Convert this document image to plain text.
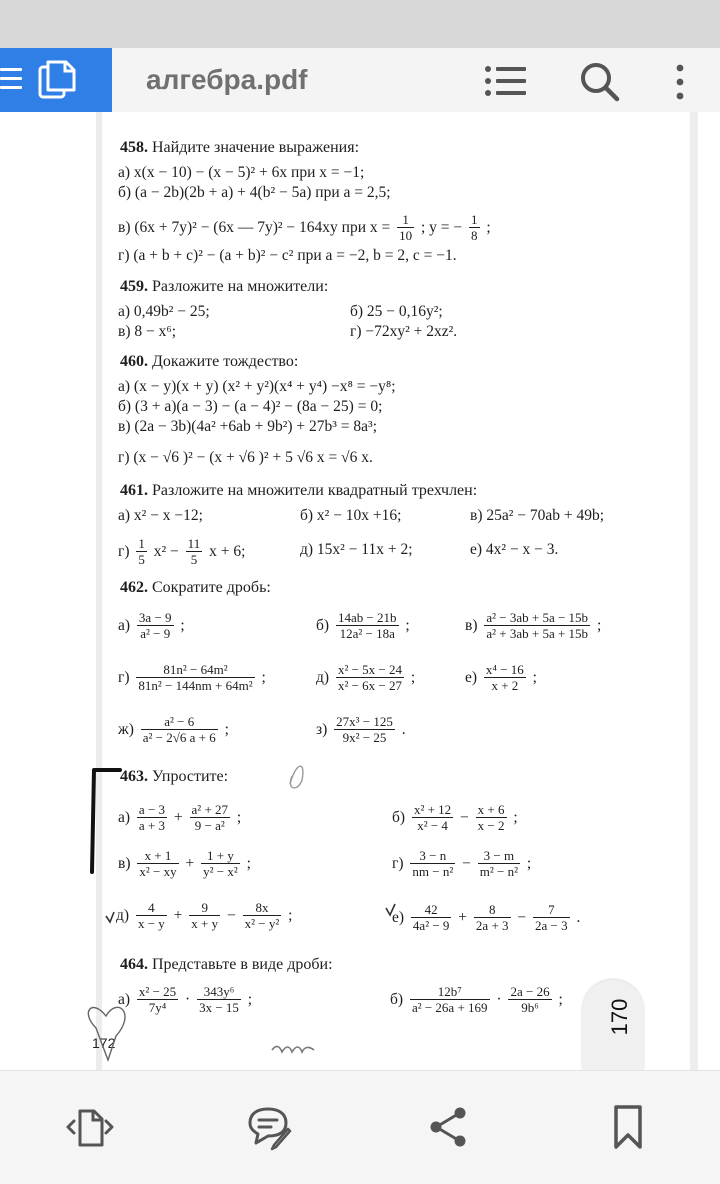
алгебра.pdf
458. Найдите значение выражения:
а) x(x − 10) − (x − 5)² + 6x при x = −1;
б) (a − 2b)(2b + a) + 4(b² − 5a) при a = 2,5;
в) (6x + 7y)² − (6x — 7y)² − 164xy при $x = \frac{1}{10}$ ; y = − $\frac{1}{8}$ ;
г) (a + b + c)² − (a + b)² − c² при a = −2, b = 2, c = −1.
459. Разложите на множители:
а) 0,49b² − 25;	б) 25 − 0,16y²;
в) 8 − x⁶;	г) −72xy² + 2xz².
460. Докажите тождество:
а) (x − y)(x + y) (x² + y²)(x⁴ + y⁴) −x⁸ = −y⁸;
б) (3 + a)(a − 3) − (a − 4)² − (8a − 25) = 0;
в) (2a − 3b)(4a² +6ab + 9b²) + 27b³ = 8a³;
г) (x − √6 )² − (x + √6 )² + 5 √6 x = √6 x.
461. Разложите на множители квадратный трехчлен:
а) x² − x −12;	б) x² − 10x +16;	в) 25a² − 70ab + 49b;
$г) \frac{1}{5} x^2 - \frac{11}{5}$ x + 6;	д) 15x² − 11x + 2;	е) 4x² − x − 3.
462. Сократите дробь:
$а) \frac{3a - 9}{\text{a² − 9}}$ ;	$б) \frac{14ab - 21b}{\text{12a² − 18a}}$ ;	$в) \frac{\text{a² − 3ab + 5a − 15b}}{\text{a² + 3ab + 5a + 15b}}$ ;
$г) \frac{\text{81n² − 64m²}}{\text{81n² − 144nm + 64m²}}$ ;	$д) \frac{\text{x² − 5x − 24}}{\text{x² − 6x − 27}}$ ;	$е) \frac{\text{x⁴ − 16}}{x + 2}$ ;
$ж) \frac{\text{a² − 6}}{\text{a² − 2√6 a + 6}}$ ;	$з) \frac{\text{27x³ − 125}}{\text{9x² − 25}}$ .
463. Упростите:
$а) \frac{a - 3}{a + 3} + \frac{\text{a² + 27}}{\text{9 − a²}}$ ;	$б) \frac{\text{x² + 12}}{\text{x² − 4}} - \frac{x + 6}{x - 2}$ ;
$в) \frac{x + 1}{\text{x² − xy}} + \frac{1 + y}{\text{y² − x²}}$ ;	$г) \frac{3 - n}{\text{nm − n²}} - \frac{3 - m}{\text{m² − n²}}$ ;
$д) \frac{4}{x - y} + \frac{9}{x + y} - \frac{8x}{\text{x² − y²}}$ ;	$е) \frac{42}{\text{4a² − 9}} + \frac{8}{2a + 3} - \frac{7}{2a - 3}$ .
464. Представьте в виде дроби:
$а) \frac{\text{x² − 25}}{\text{7y⁴}} \cdot \frac{\text{343y⁶}}{3x - 15}$ ;	$б) \frac{\text{12b⁷}}{\text{a² − 26a + 169}} \cdot \frac{2a - 26}{\text{9b⁶}}$ ;
172
170
